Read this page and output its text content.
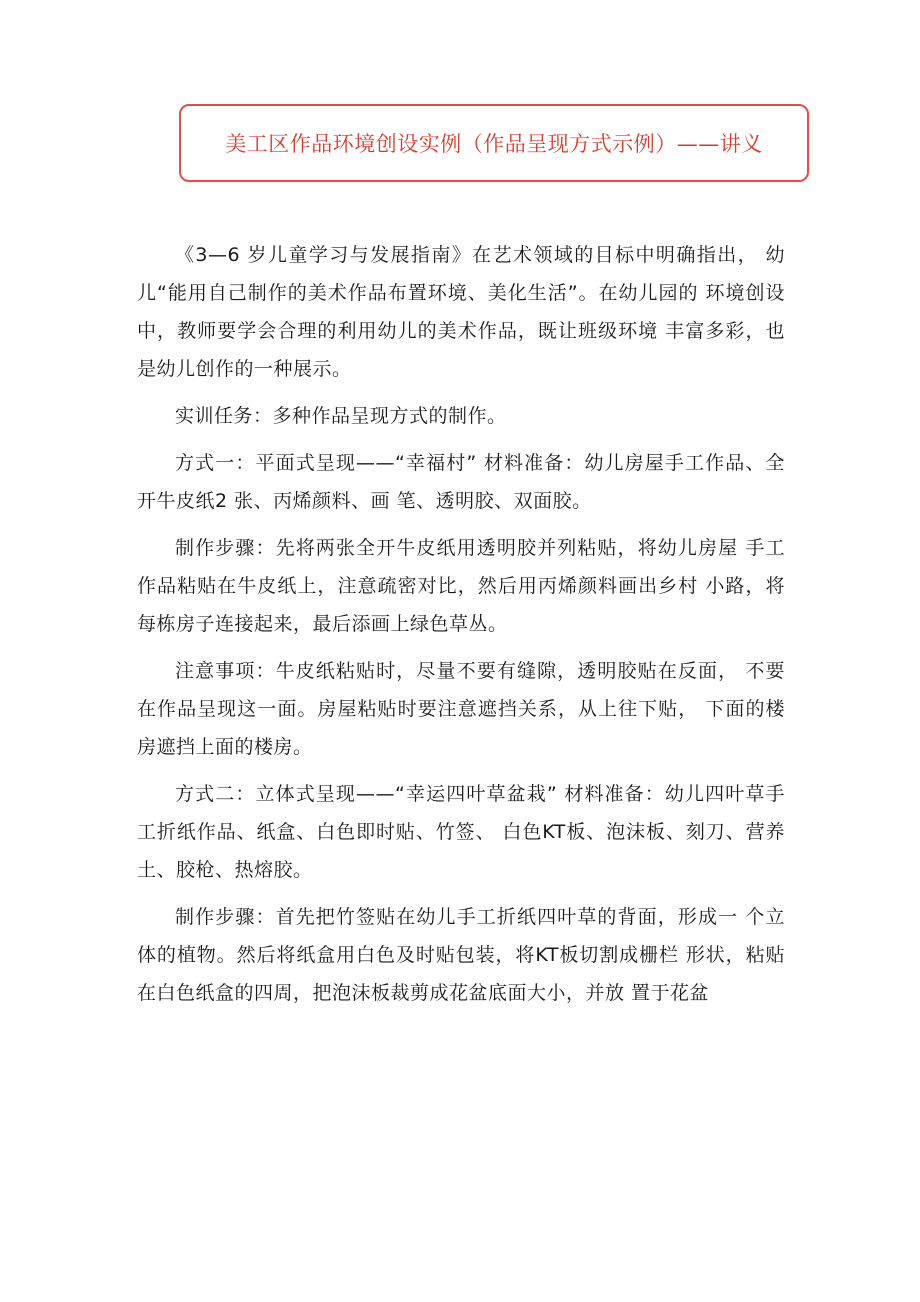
美工区作品环境创设实例（作品呈现方式示例）——讲义

《3—6 岁儿童学习与发展指南》在艺术领域的目标中明确指出， 幼儿“能用自己制作的美术作品布置环境、美化生活”。在幼儿园的 环境创设中，教师要学会合理的利用幼儿的美术作品，既让班级环境 丰富多彩，也是幼儿创作的一种展示。

实训任务：多种作品呈现方式的制作。

方式一：平面式呈现——“幸福村” 材料准备：幼儿房屋手工作品、全开牛皮纸2 张、丙烯颜料、画 笔、透明胶、双面胶。

制作步骤：先将两张全开牛皮纸用透明胶并列粘贴，将幼儿房屋 手工作品粘贴在牛皮纸上，注意疏密对比，然后用丙烯颜料画出乡村 小路，将每栋房子连接起来，最后添画上绿色草丛。

注意事项：牛皮纸粘贴时，尽量不要有缝隙，透明胶贴在反面， 不要在作品呈现这一面。房屋粘贴时要注意遮挡关系，从上往下贴， 下面的楼房遮挡上面的楼房。

方式二：立体式呈现——“幸运四叶草盆栽” 材料准备：幼儿四叶草手工折纸作品、纸盒、白色即时贴、竹签、 白色KT板、泡沫板、刻刀、营养土、胶枪、热熔胶。

制作步骤：首先把竹签贴在幼儿手工折纸四叶草的背面，形成一 个立体的植物。然后将纸盒用白色及时贴包装，将KT板切割成栅栏 形状，粘贴在白色纸盒的四周，把泡沫板裁剪成花盆底面大小，并放 置于花盆
